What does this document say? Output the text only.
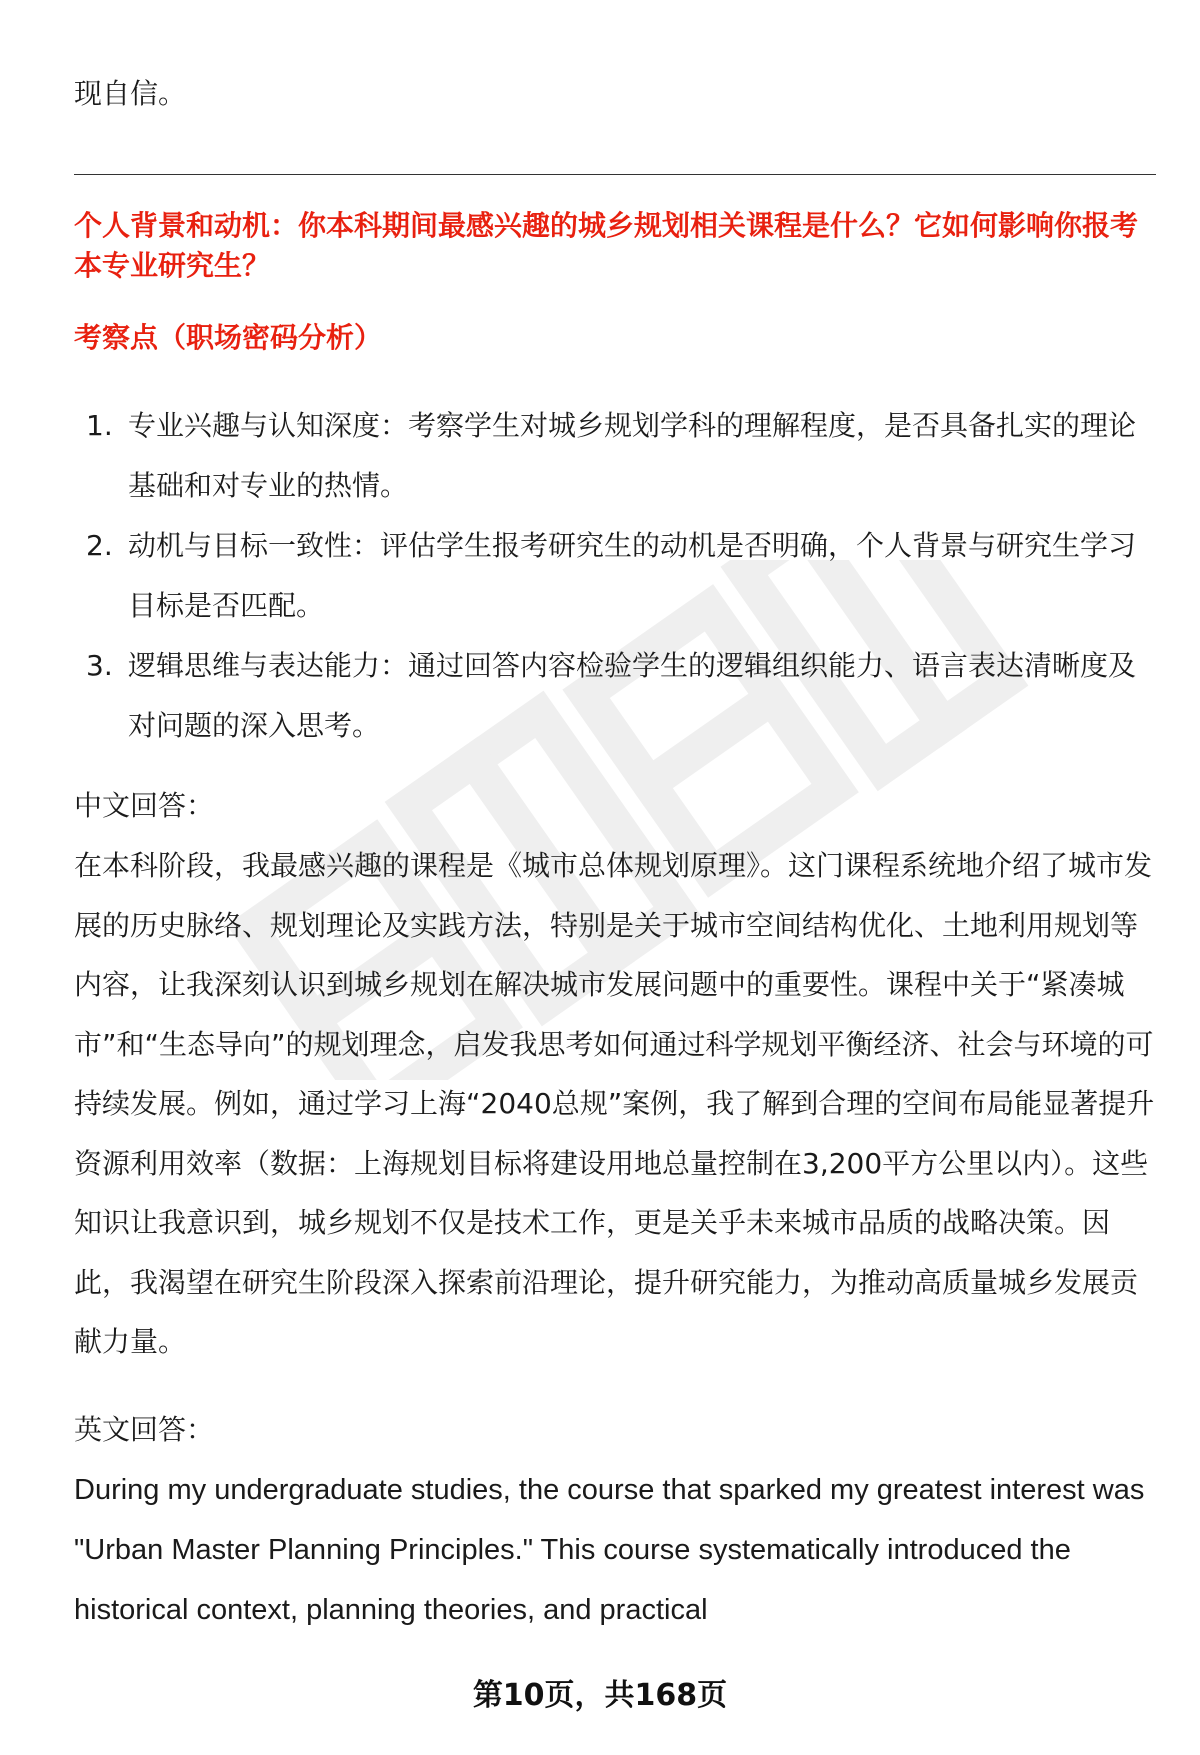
现自信。

个人背景和动机：你本科期间最感兴趣的城乡规划相关课程是什么？它如何影响你报考本专业研究生？

考察点（职场密码分析）

1. 专业兴趣与认知深度：考察学生对城乡规划学科的理解程度，是否具备扎实的理论基础和对专业的热情。
2. 动机与目标一致性：评估学生报考研究生的动机是否明确，个人背景与研究生学习目标是否匹配。
3. 逻辑思维与表达能力：通过回答内容检验学生的逻辑组织能力、语言表达清晰度及对问题的深入思考。

中文回答：

在本科阶段，我最感兴趣的课程是《城市总体规划原理》。这门课程系统地介绍了城市发展的历史脉络、规划理论及实践方法，特别是关于城市空间结构优化、土地利用规划等内容，让我深刻认识到城乡规划在解决城市发展问题中的重要性。课程中关于“紧凑城市”和“生态导向”的规划理念，启发我思考如何通过科学规划平衡经济、社会与环境的可持续发展。例如，通过学习上海“2040总规”案例，我了解到合理的空间布局能显著提升资源利用效率（数据：上海规划目标将建设用地总量控制在3,200平方公里以内）。这些知识让我意识到，城乡规划不仅是技术工作，更是关乎未来城市品质的战略决策。因此，我渴望在研究生阶段深入探索前沿理论，提升研究能力，为推动高质量城乡发展贡献力量。

英文回答：

During my undergraduate studies, the course that sparked my greatest interest was "Urban Master Planning Principles." This course systematically introduced the historical context, planning theories, and practical

第10页，共168页
